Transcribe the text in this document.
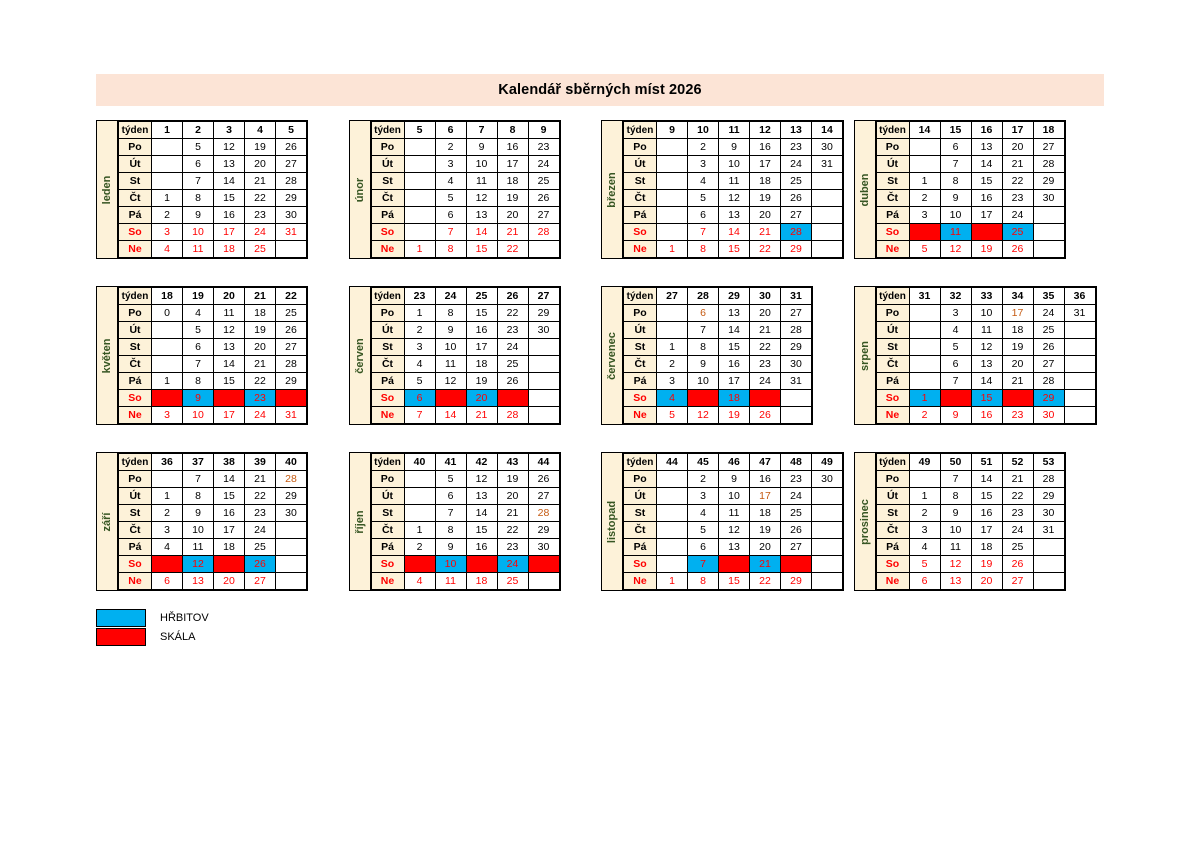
Kalendář sběrných míst 2026
leden
týden	1	2	3	4	5
Po		5	12	19	26
Út		6	13	20	27
St		7	14	21	28
Čt	1	8	15	22	29
Pá	2	9	16	23	30
So	3	10	17	24	31
Ne	4	11	18	25	
únor
týden	5	6	7	8	9
Po		2	9	16	23
Út		3	10	17	24
St		4	11	18	25
Čt		5	12	19	26
Pá		6	13	20	27
So		7	14	21	28
Ne	1	8	15	22	
březen
týden	9	10	11	12	13	14
Po		2	9	16	23	30
Út		3	10	17	24	31
St		4	11	18	25	
Čt		5	12	19	26	
Pá		6	13	20	27	
So		7	14	21	28	
Ne	1	8	15	22	29	
duben
týden	14	15	16	17	18
Po		6	13	20	27
Út		7	14	21	28
St	1	8	15	22	29
Čt	2	9	16	23	30
Pá	3	10	17	24	
So	4	11	18	25	
Ne	5	12	19	26	
květen
týden	18	19	20	21	22
Po	0	4	11	18	25
Út		5	12	19	26
St		6	13	20	27
Čt		7	14	21	28
Pá	1	8	15	22	29
So	2	9	16	23	30
Ne	3	10	17	24	31
červen
týden	23	24	25	26	27
Po	1	8	15	22	29
Út	2	9	16	23	30
St	3	10	17	24	
Čt	4	11	18	25	
Pá	5	12	19	26	
So	6	13	20	27	
Ne	7	14	21	28	
červenec
týden	27	28	29	30	31
Po		6	13	20	27
Út		7	14	21	28
St	1	8	15	22	29
Čt	2	9	16	23	30
Pá	3	10	17	24	31
So	4	11	18	25	
Ne	5	12	19	26	
srpen
týden	31	32	33	34	35	36
Po		3	10	17	24	31
Út		4	11	18	25	
St		5	12	19	26	
Čt		6	13	20	27	
Pá		7	14	21	28	
So	1	8	15	22	29	
Ne	2	9	16	23	30	
září
týden	36	37	38	39	40
Po		7	14	21	28
Út	1	8	15	22	29
St	2	9	16	23	30
Čt	3	10	17	24	
Pá	4	11	18	25	
So	5	12	19	26	
Ne	6	13	20	27	
říjen
týden	40	41	42	43	44
Po		5	12	19	26
Út		6	13	20	27
St		7	14	21	28
Čt	1	8	15	22	29
Pá	2	9	16	23	30
So	3	10	17	24	31
Ne	4	11	18	25	
listopad
týden	44	45	46	47	48	49
Po		2	9	16	23	30
Út		3	10	17	24	
St		4	11	18	25	
Čt		5	12	19	26	
Pá		6	13	20	27	
So		7	14	21	28	
Ne	1	8	15	22	29	
prosinec
týden	49	50	51	52	53
Po		7	14	21	28
Út	1	8	15	22	29
St	2	9	16	23	30
Čt	3	10	17	24	31
Pá	4	11	18	25	
So	5	12	19	26	
Ne	6	13	20	27	
HŘBITOV
SKÁLA
